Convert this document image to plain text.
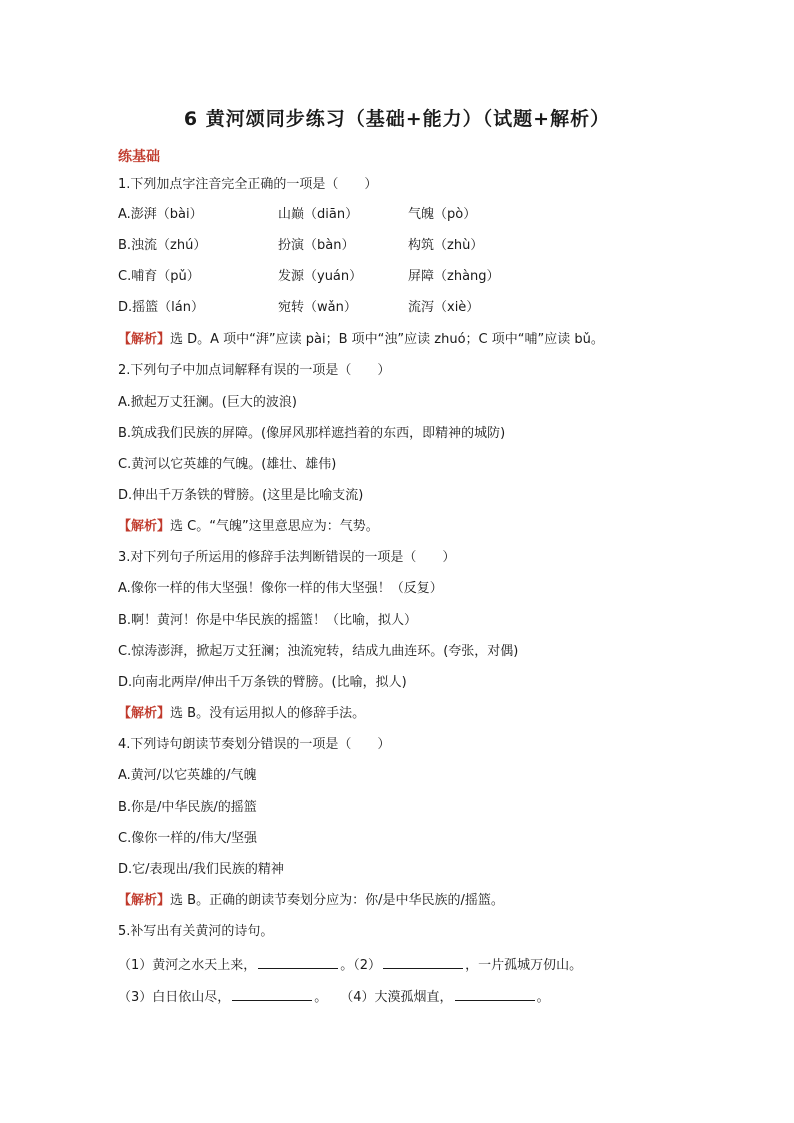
6 黄河颂同步练习（基础+能力）（试题+解析）
练基础
1.下列加点字注音完全正确的一项是（　　）
A.澎湃（bài）	山巅（diān）	气魄（pò）
B.浊流（zhú）	扮演（bàn）	构筑（zhù）
C.哺育（pǔ）	发源（yuán）	屏障（zhàng）
D.摇篮（lán）	宛转（wǎn）	流泻（xiè）
【解析】选 D。A 项中“湃”应读 pài；B 项中“浊”应读 zhuó；C 项中“哺”应读 bǔ。
2.下列句子中加点词解释有误的一项是（　　）
A.掀起万丈狂澜。(巨大的波浪)
B.筑成我们民族的屏障。(像屏风那样遮挡着的东西，即精神的城防)
C.黄河以它英雄的气魄。(雄壮、雄伟)
D.伸出千万条铁的臂膀。(这里是比喻支流)
【解析】选 C。“气魄”这里意思应为：气势。
3.对下列句子所运用的修辞手法判断错误的一项是（　　）
A.像你一样的伟大坚强！像你一样的伟大坚强！（反复）
B.啊！黄河！你是中华民族的摇篮！（比喻，拟人）
C.惊涛澎湃，掀起万丈狂澜；浊流宛转，结成九曲连环。(夸张，对偶)
D.向南北两岸/伸出千万条铁的臂膀。(比喻，拟人)
【解析】选 B。没有运用拟人的修辞手法。
4.下列诗句朗读节奏划分错误的一项是（　　）
A.黄河/以它英雄的/气魄
B.你是/中华民族/的摇篮
C.像你一样的/伟大/坚强
D.它/表现出/我们民族的精神
【解析】选 B。正确的朗读节奏划分应为：你/是中华民族的/摇篮。
5.补写出有关黄河的诗句。
（1）黄河之水天上来，	。（2）	，一片孤城万仞山。
（3）白日依山尽，	。　　（4）大漠孤烟直，	。
